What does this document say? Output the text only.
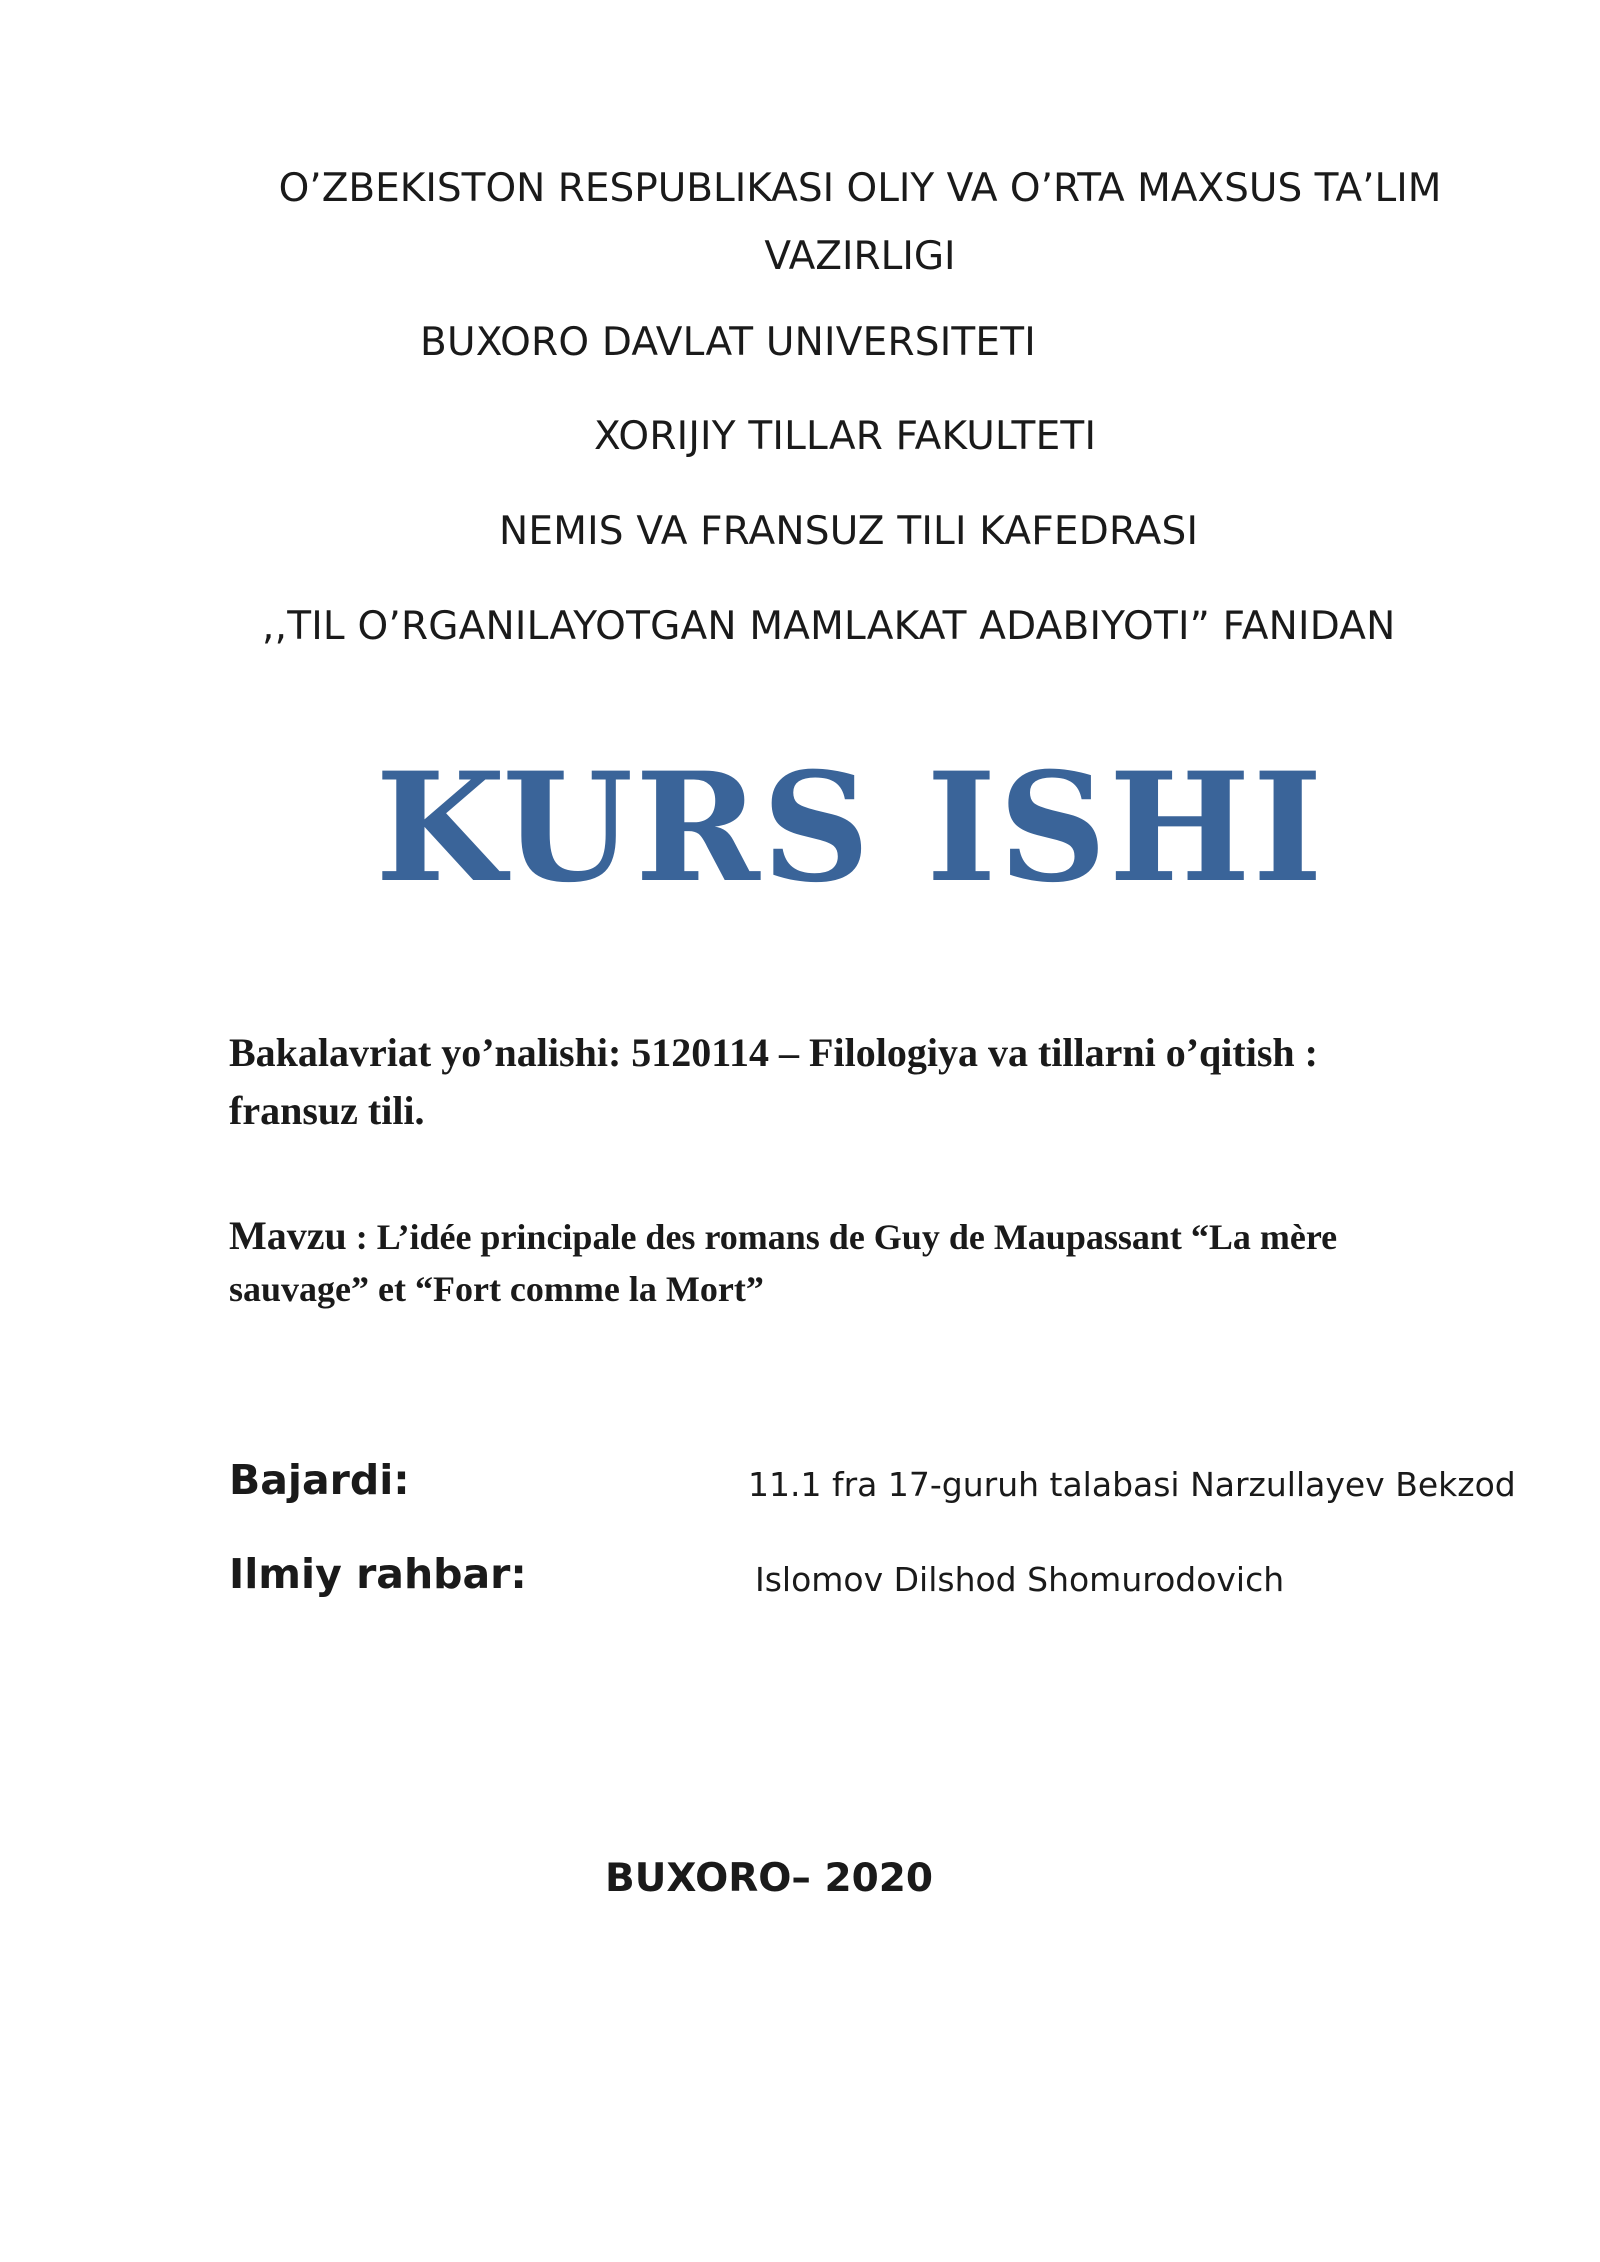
O’ZBEKISTON RESPUBLIKASI OLIY VA O’RTA MAXSUS TA’LIM
VAZIRLIGI
BUXORO DAVLAT UNIVERSITETI
XORIJIY TILLAR FAKULTETI
NEMIS VA FRANSUZ TILI KAFEDRASI
,,TIL O’RGANILAYOTGAN MAMLAKAT ADABIYOTI” FANIDAN
KURS ISHI
Bakalavriat yo’nalishi: 5120114 – Filologiya va tillarni o’qitish :
fransuz tili.
Mavzu : L’idée principale des romans de Guy de Maupassant “La mère
sauvage” et “Fort comme la Mort”
Bajardi:	11.1 fra 17-guruh talabasi Narzullayev Bekzod
Ilmiy rahbar:	Islomov Dilshod Shomurodovich
BUXORO– 2020
